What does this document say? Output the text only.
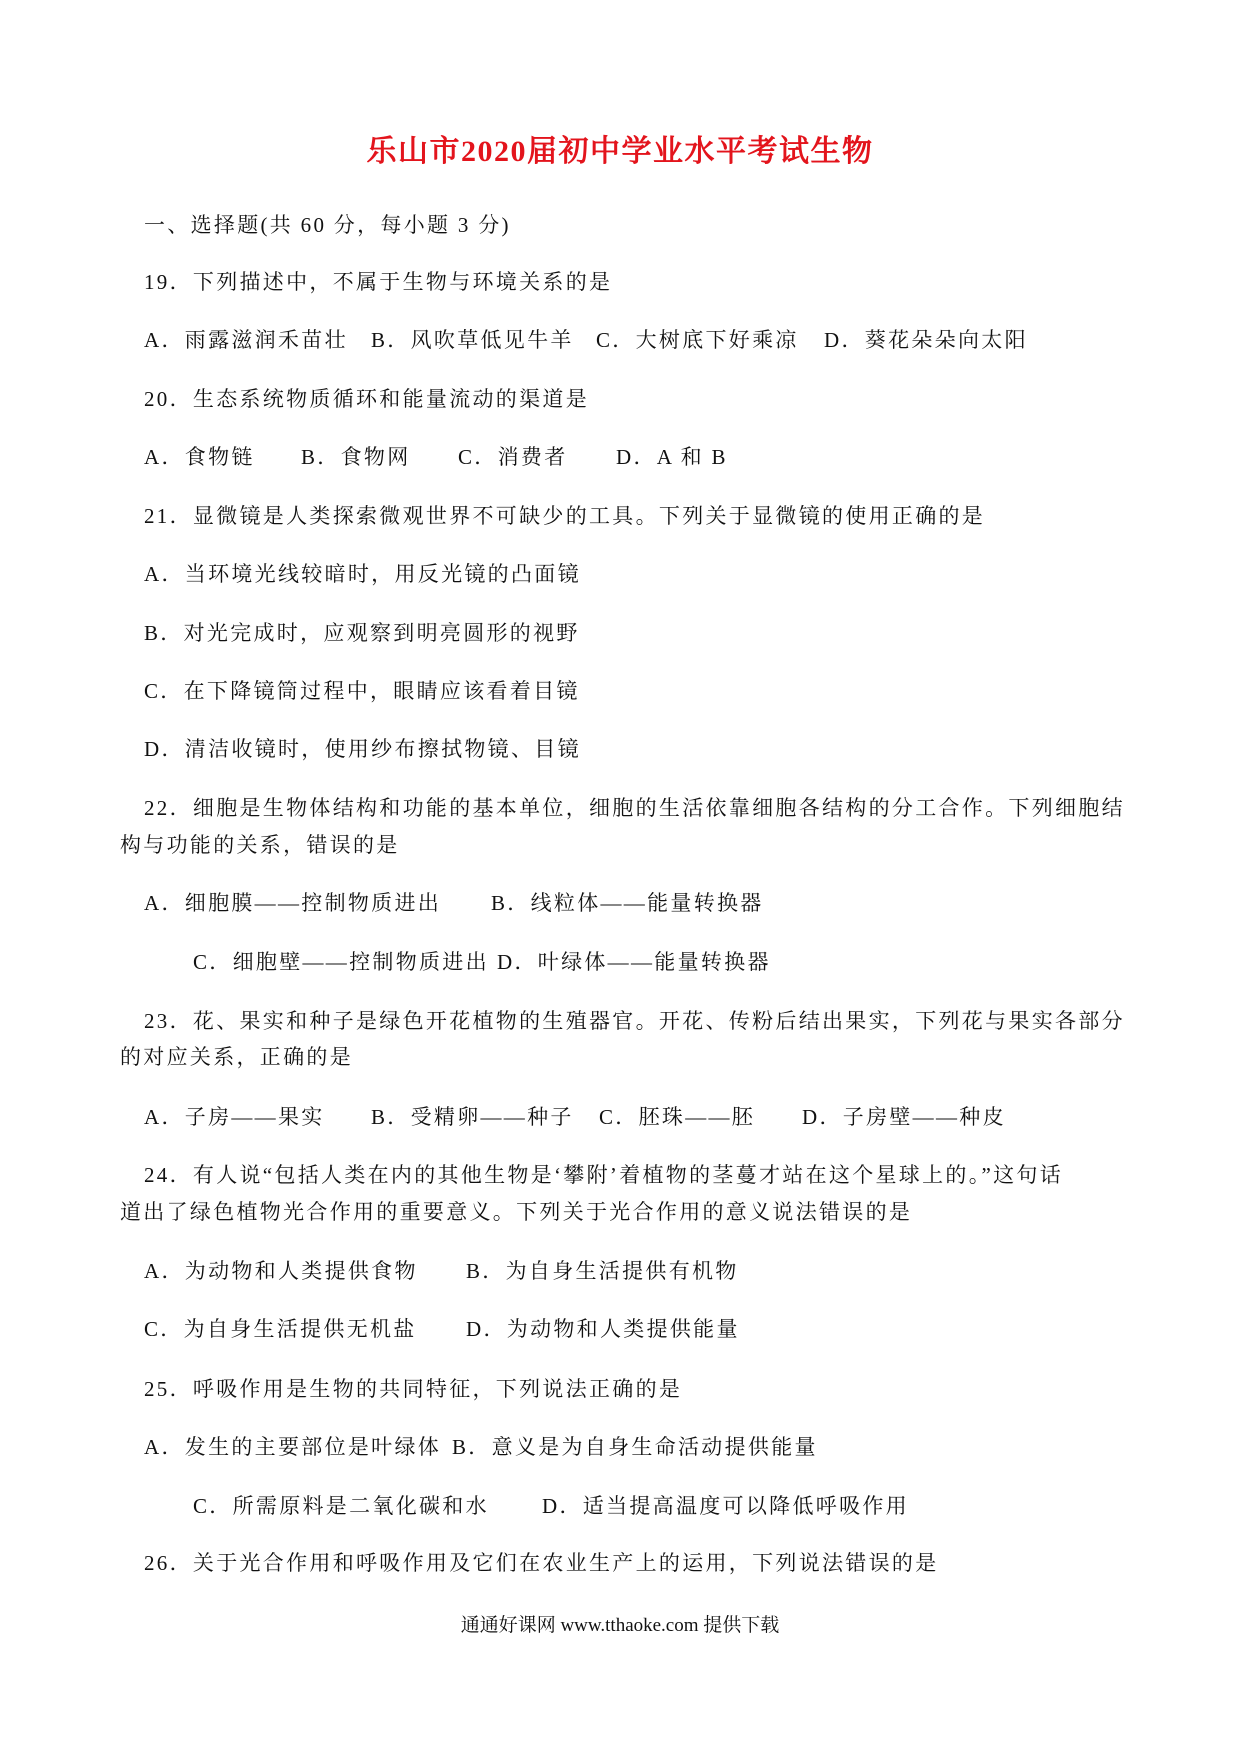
乐山市2020届初中学业水平考试生物
一、选择题(共 60 分，每小题 3 分)
19．下列描述中，不属于生物与环境关系的是
A．雨露滋润禾苗壮 B．风吹草低见牛羊 C．大树底下好乘凉 D．葵花朵朵向太阳
20．生态系统物质循环和能量流动的渠道是
A．食物链 B．食物网 C．消费者 D．A 和 B
21．显微镜是人类探索微观世界不可缺少的工具。下列关于显微镜的使用正确的是
A．当环境光线较暗时，用反光镜的凸面镜
B．对光完成时，应观察到明亮圆形的视野
C．在下降镜筒过程中，眼睛应该看着目镜
D．清洁收镜时，使用纱布擦拭物镜、目镜
22．细胞是生物体结构和功能的基本单位，细胞的生活依靠细胞各结构的分工合作。下列细胞结
构与功能的关系，错误的是
A．细胞膜——控制物质进出 B．线粒体——能量转换器
C．细胞壁——控制物质进出 D．叶绿体——能量转换器
23．花、果实和种子是绿色开花植物的生殖器官。开花、传粉后结出果实，下列花与果实各部分
的对应关系，正确的是
A．子房——果实 B．受精卵——种子 C．胚珠——胚 D．子房壁——种皮
24．有人说“包括人类在内的其他生物是‘攀附’着植物的茎蔓才站在这个星球上的。”这句话
道出了绿色植物光合作用的重要意义。下列关于光合作用的意义说法错误的是
A．为动物和人类提供食物 B．为自身生活提供有机物
C．为自身生活提供无机盐 D．为动物和人类提供能量
25．呼吸作用是生物的共同特征，下列说法正确的是
A．发生的主要部位是叶绿体 B．意义是为自身生命活动提供能量
C．所需原料是二氧化碳和水	D．适当提高温度可以降低呼吸作用
26．关于光合作用和呼吸作用及它们在农业生产上的运用，下列说法错误的是
通通好课网 www.tthaoke.com 提供下载
